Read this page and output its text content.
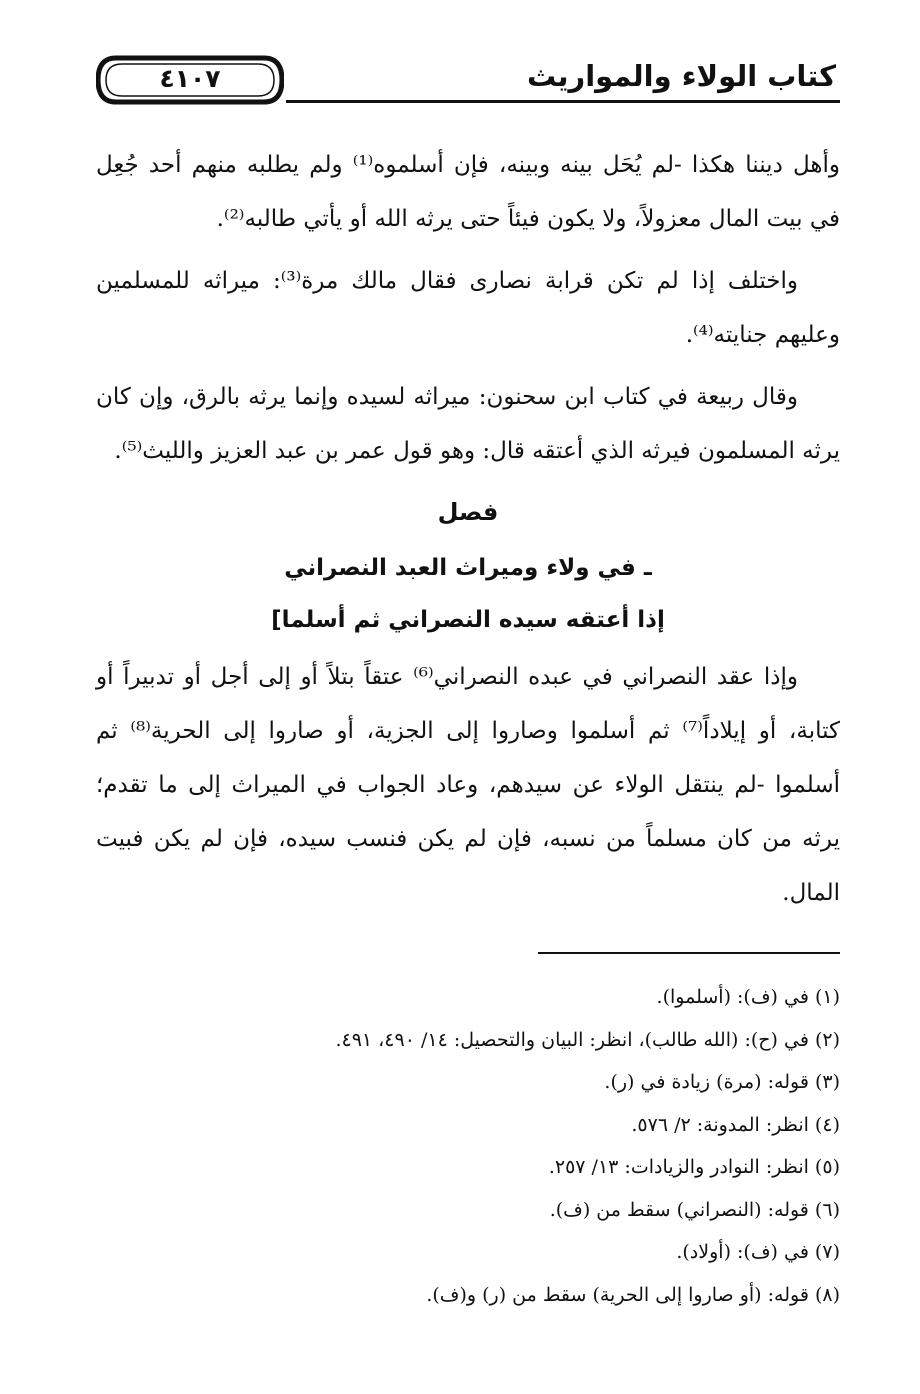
٤١٠٧	كتاب الولاء والمواريث

وأهل ديننا هكذا -لم يُحَل بينه وبينه، فإن أسلموه⁽¹⁾ ولم يطلبه منهم أحد جُعِل في بيت المال معزولاً، ولا يكون فيئاً حتى يرثه الله أو يأتي طالبه⁽²⁾.

واختلف إذا لم تكن قرابة نصارى فقال مالك مرة⁽³⁾: ميراثه للمسلمين وعليهم جنايته⁽⁴⁾.

وقال ربيعة في كتاب ابن سحنون: ميراثه لسيده وإنما يرثه بالرق، وإن كان يرثه المسلمون فيرثه الذي أعتقه قال: وهو قول عمر بن عبد العزيز والليث⁽⁵⁾.

فصل

ـ في ولاء وميراث العبد النصراني

إذا أعتقه سيده النصراني ثم أسلما]

وإذا عقد النصراني في عبده النصراني⁽⁶⁾ عتقاً بتلاً أو إلى أجل أو تدبيراً أو كتابة، أو إيلاداً⁽⁷⁾ ثم أسلموا وصاروا إلى الجزية، أو صاروا إلى الحرية⁽⁸⁾ ثم أسلموا -لم ينتقل الولاء عن سيدهم، وعاد الجواب في الميراث إلى ما تقدم؛ يرثه من كان مسلماً من نسبه، فإن لم يكن فنسب سيده، فإن لم يكن فبيت المال.

(١) في (ف): (أسلموا).
(٢) في (ح): (الله طالب)، انظر: البيان والتحصيل: ١٤/ ٤٩٠، ٤٩١.
(٣) قوله: (مرة) زيادة في (ر).
(٤) انظر: المدونة: ٢/ ٥٧٦.
(٥) انظر: النوادر والزيادات: ١٣/ ٢٥٧.
(٦) قوله: (النصراني) سقط من (ف).
(٧) في (ف): (أولاد).
(٨) قوله: (أو صاروا إلى الحرية) سقط من (ر) و(ف).
